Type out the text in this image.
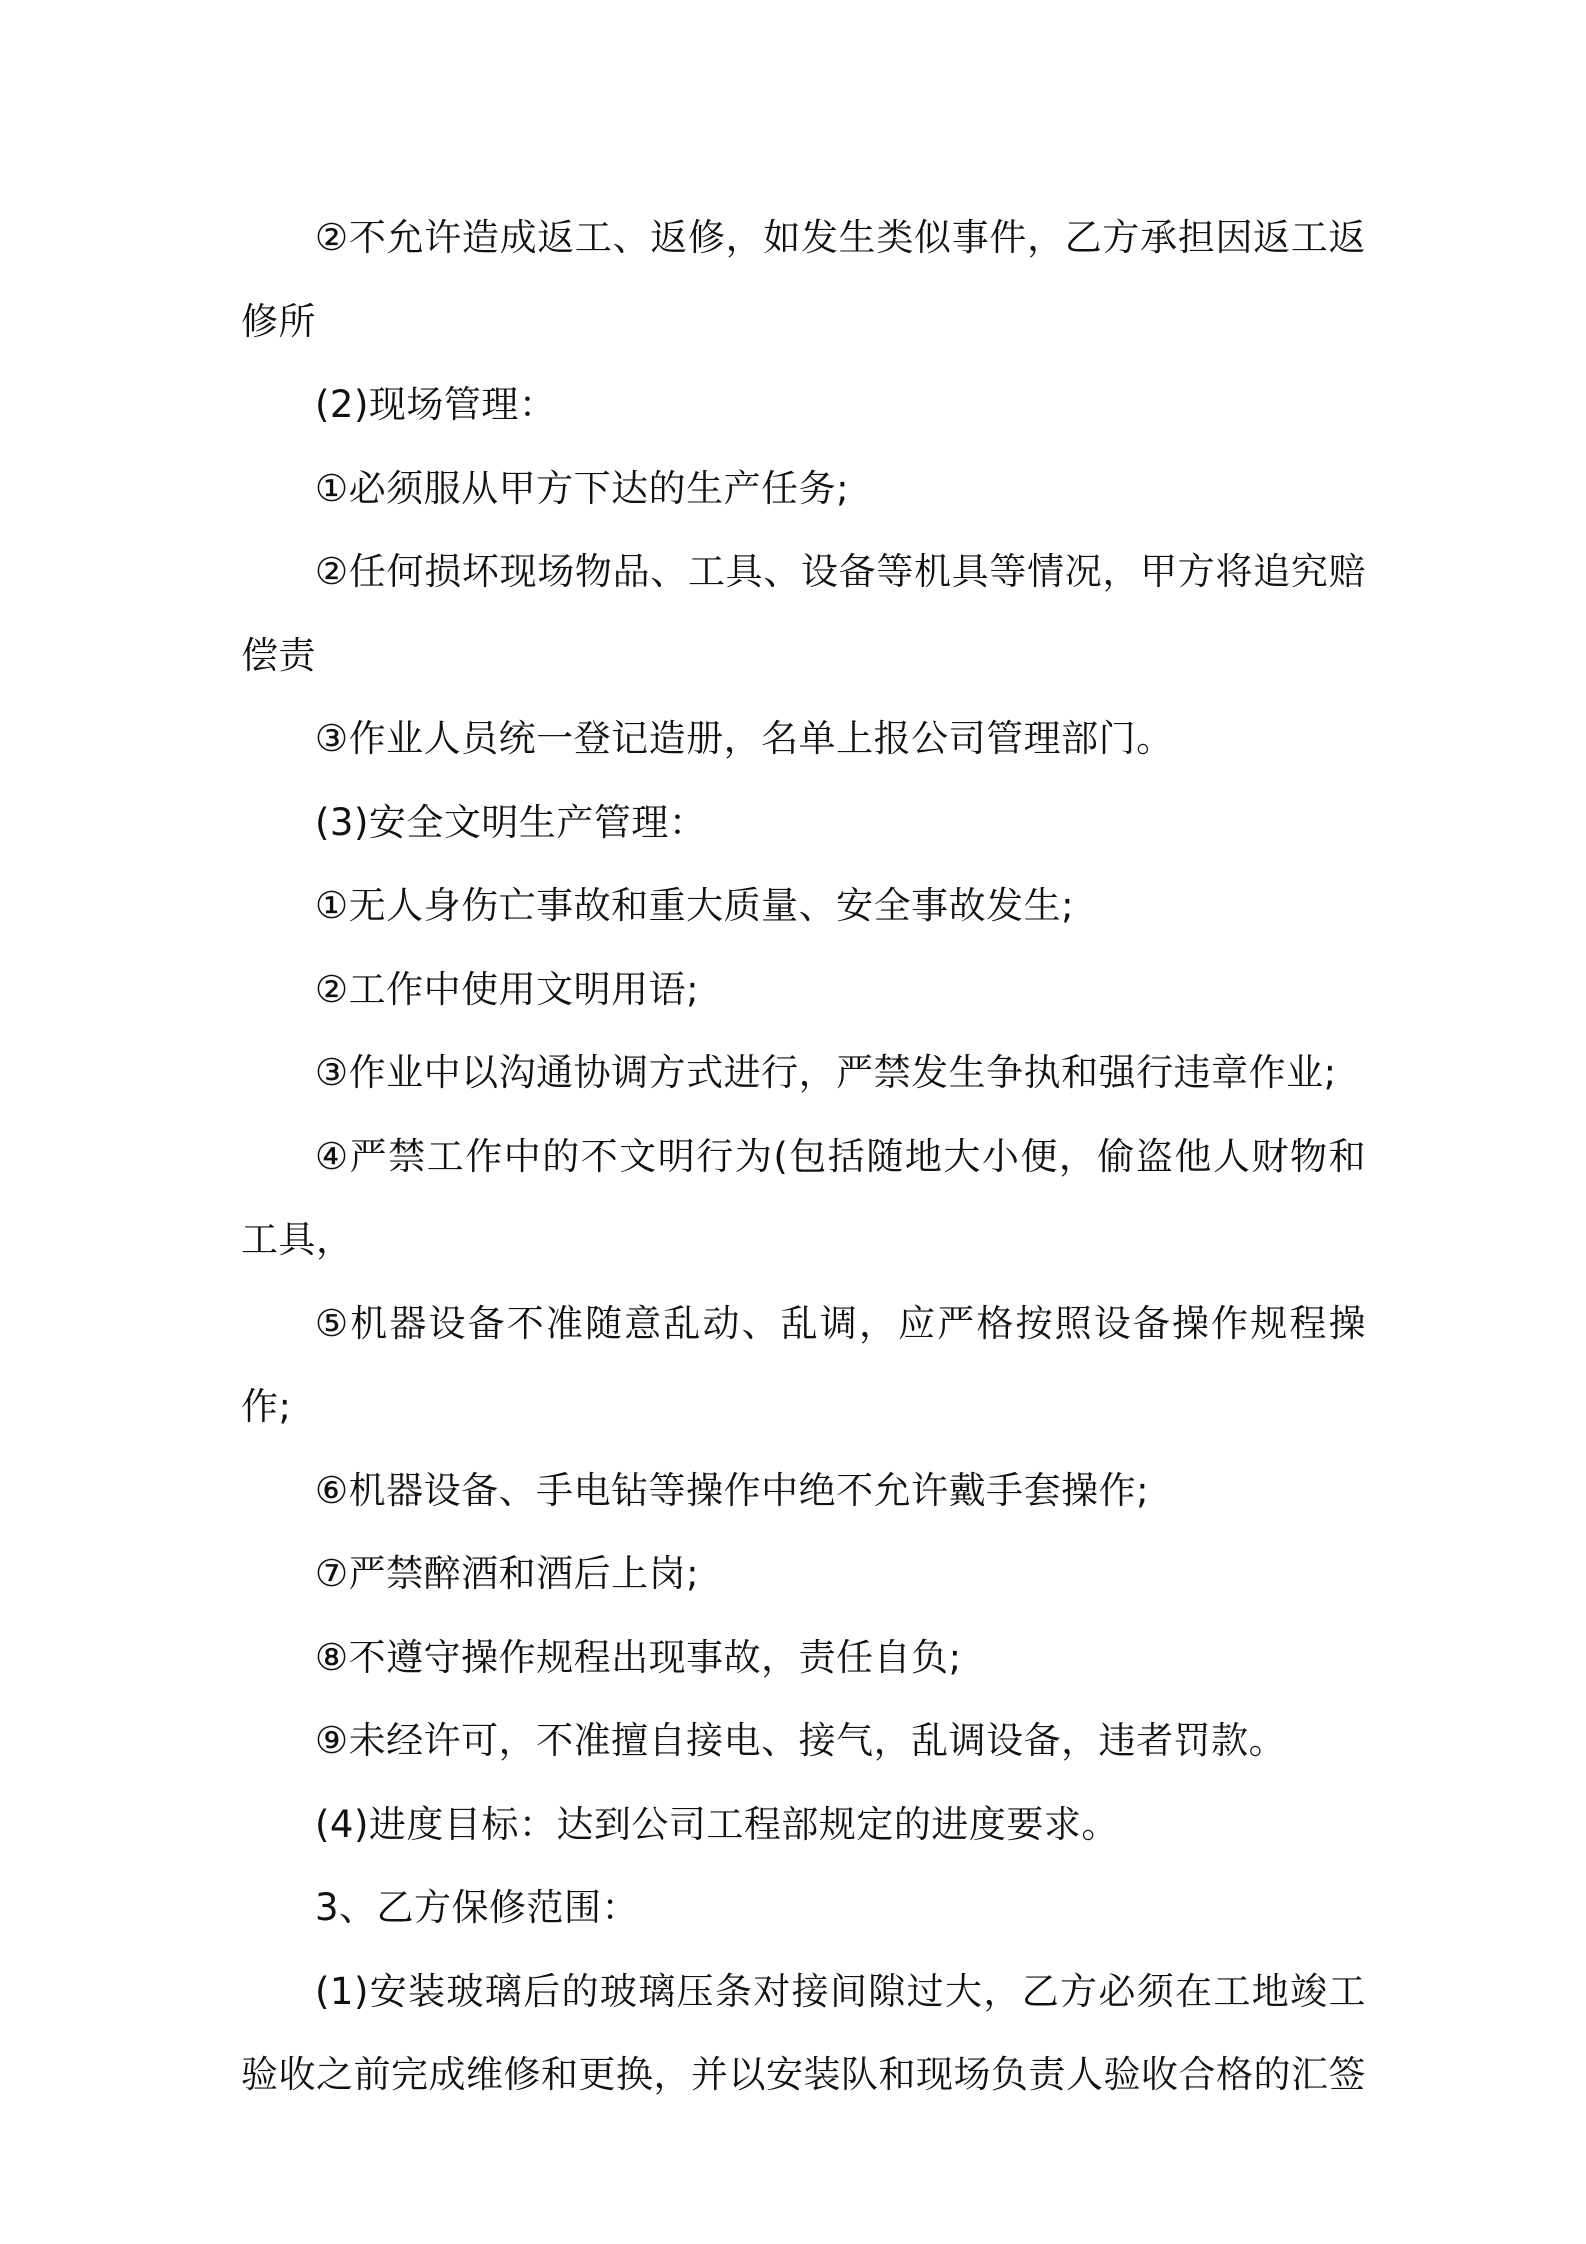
②不允许造成返工、返修，如发生类似事件，乙方承担因返工返修所

(2)现场管理：

①必须服从甲方下达的生产任务;

②任何损坏现场物品、工具、设备等机具等情况，甲方将追究赔偿责

③作业人员统一登记造册，名单上报公司管理部门。

(3)安全文明生产管理：

①无人身伤亡事故和重大质量、安全事故发生;

②工作中使用文明用语;

③作业中以沟通协调方式进行，严禁发生争执和强行违章作业;

④严禁工作中的不文明行为(包括随地大小便，偷盗他人财物和工具，

⑤机器设备不准随意乱动、乱调，应严格按照设备操作规程操作;

⑥机器设备、手电钻等操作中绝不允许戴手套操作;

⑦严禁醉酒和酒后上岗;

⑧不遵守操作规程出现事故，责任自负;

⑨未经许可，不准擅自接电、接气，乱调设备，违者罚款。

(4)进度目标：达到公司工程部规定的进度要求。

3、乙方保修范围：

(1)安装玻璃后的玻璃压条对接间隙过大，乙方必须在工地竣工验收之前完成维修和更换，并以安装队和现场负责人验收合格的汇签
